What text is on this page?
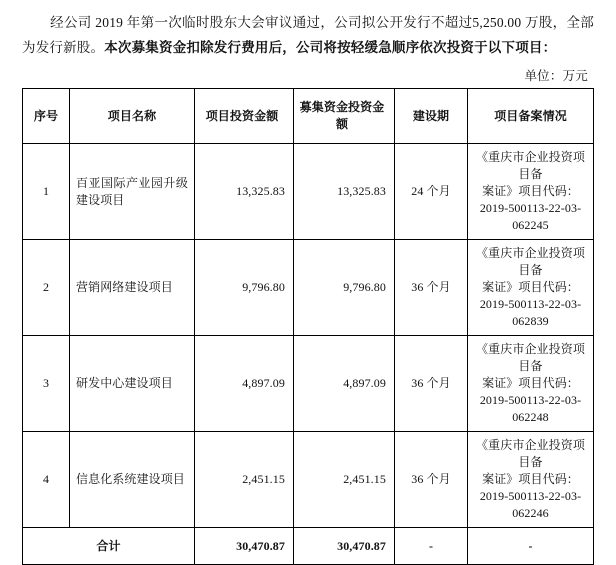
经公司 2019 年第一次临时股东大会审议通过，公司拟公开发行不超过5,250.00 万股，全部为发行新股。本次募集资金扣除发行费用后，公司将按轻缓急顺序依次投资于以下项目：

单位：万元
序号	项目名称	项目投资金额	募集资金投资金额	建设期	项目备案情况
1	百亚国际产业园升级建设项目	13,325.83	13,325.83	24 个月	《重庆市企业投资项目备
案证》项目代码：
2019-500113-22-03-062245

2	营销网络建设项目	9,796.80	9,796.80	36 个月	《重庆市企业投资项目备
案证》项目代码：
2019-500113-22-03-062839

3	研发中心建设项目	4,897.09	4,897.09	36 个月	《重庆市企业投资项目备
案证》项目代码：
2019-500113-22-03-062248

4	信息化系统建设项目	2,451.15	2,451.15	36 个月	《重庆市企业投资项目备
案证》项目代码：
2019-500113-22-03-062246

合计		30,470.87	30,470.87	-	-
